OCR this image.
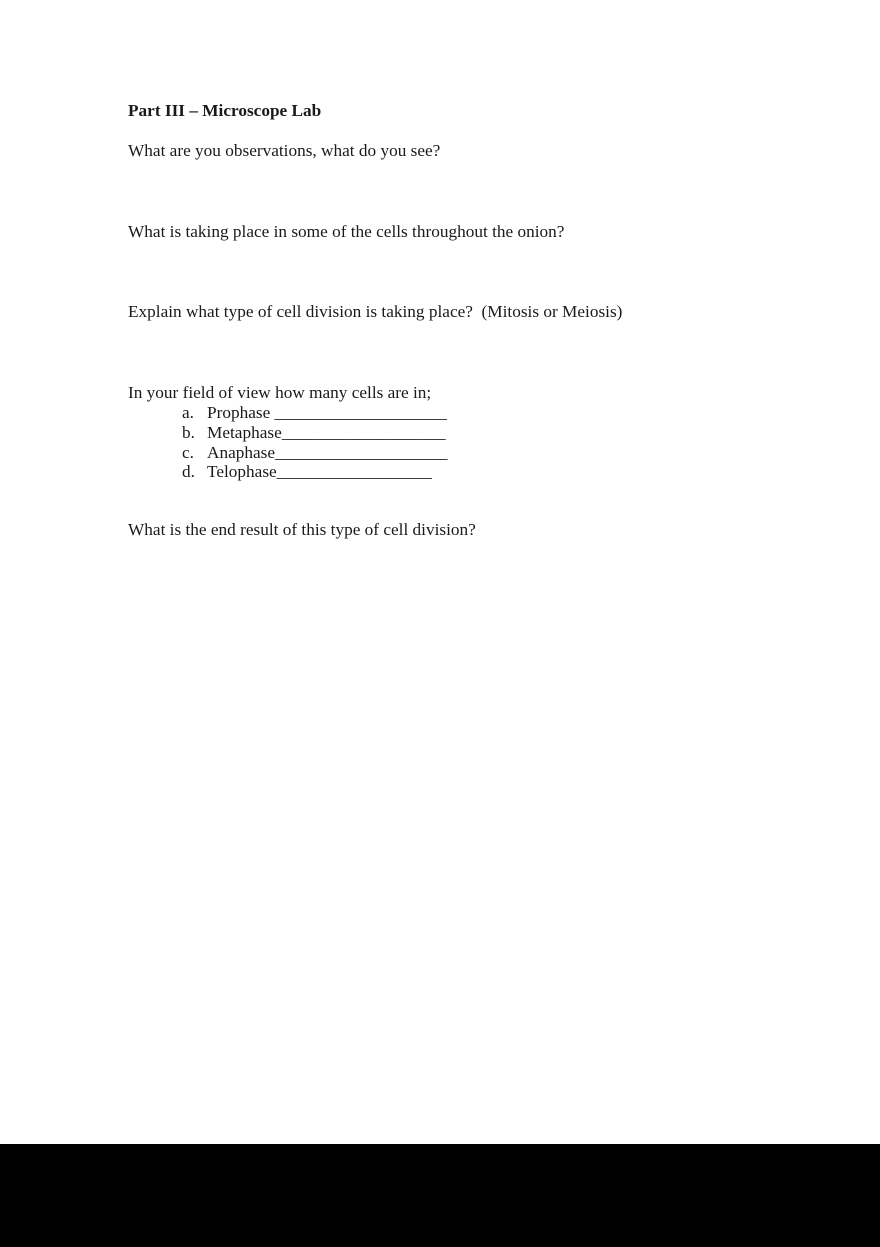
Part III – Microscope Lab

What are you observations, what do you see?

What is taking place in some of the cells throughout the onion?

Explain what type of cell division is taking place?  (Mitosis or Meiosis)

In your field of view how many cells are in;

a. Prophase ____________________
b. Metaphase___________________
c. Anaphase____________________
d. Telophase__________________

What is the end result of this type of cell division?
